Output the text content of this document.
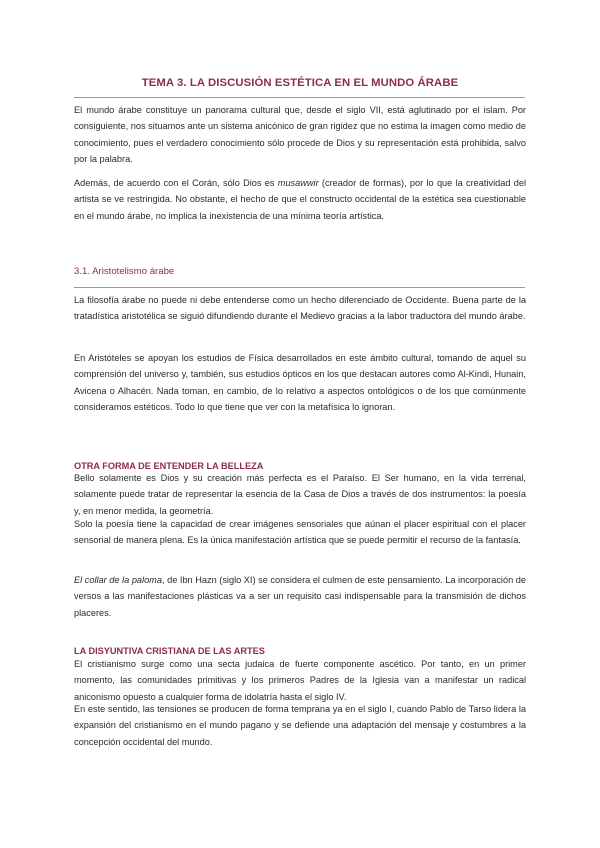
TEMA 3. LA DISCUSIÓN ESTÉTICA EN EL MUNDO ÁRABE

El mundo árabe constituye un panorama cultural que, desde el siglo VII, está aglutinado por el islam. Por consiguiente, nos situamos ante un sistema anicónico de gran rigidez que no estima la imagen como medio de conocimiento, pues el verdadero conocimiento sólo procede de Dios y su representación está prohibida, salvo por la palabra.

Además, de acuerdo con el Corán, sólo Dios es musawwir (creador de formas), por lo que la creatividad del artista se ve restringida. No obstante, el hecho de que el constructo occidental de la estética sea cuestionable en el mundo árabe, no implica la inexistencia de una mínima teoría artística.

3.1. Aristotelismo árabe

La filosofía árabe no puede ni debe entenderse como un hecho diferenciado de Occidente. Buena parte de la tratadística aristotélica se siguió difundiendo durante el Medievo gracias a la labor traductora del mundo árabe.

En Aristóteles se apoyan los estudios de Física desarrollados en este ámbito cultural, tomando de aquel su comprensión del universo y, también, sus estudios ópticos en los que destacan autores como Al-Kindi, Hunain, Avicena o Alhacén. Nada toman, en cambio, de lo relativo a aspectos ontológicos o de los que comúnmente consideramos estéticos. Todo lo que tiene que ver con la metafísica lo ignoran.

OTRA FORMA DE ENTENDER LA BELLEZA

Bello solamente es Dios y su creación más perfecta es el Paraíso. El Ser humano, en la vida terrenal, solamente puede tratar de representar la esencia de la Casa de Dios a través de dos instrumentos: la poesía y, en menor medida, la geometría.

Solo la poesía tiene la capacidad de crear imágenes sensoriales que aúnan el placer espiritual con el placer sensorial de manera plena. Es la única manifestación artística que se puede permitir el recurso de la fantasía.

El collar de la paloma, de Ibn Hazn (siglo XI) se considera el culmen de este pensamiento. La incorporación de versos a las manifestaciones plásticas va a ser un requisito casi indispensable para la transmisión de dichos placeres.

LA DISYUNTIVA CRISTIANA DE LAS ARTES

El cristianismo surge como una secta judaica de fuerte componente ascético. Por tanto, en un primer momento, las comunidades primitivas y los primeros Padres de la Iglesia van a manifestar un radical aniconismo opuesto a cualquier forma de idolatría hasta el siglo IV.

En este sentido, las tensiones se producen de forma temprana ya en el siglo I, cuando Pablo de Tarso lidera la expansión del cristianismo en el mundo pagano y se defiende una adaptación del mensaje y costumbres a la concepción occidental del mundo.
